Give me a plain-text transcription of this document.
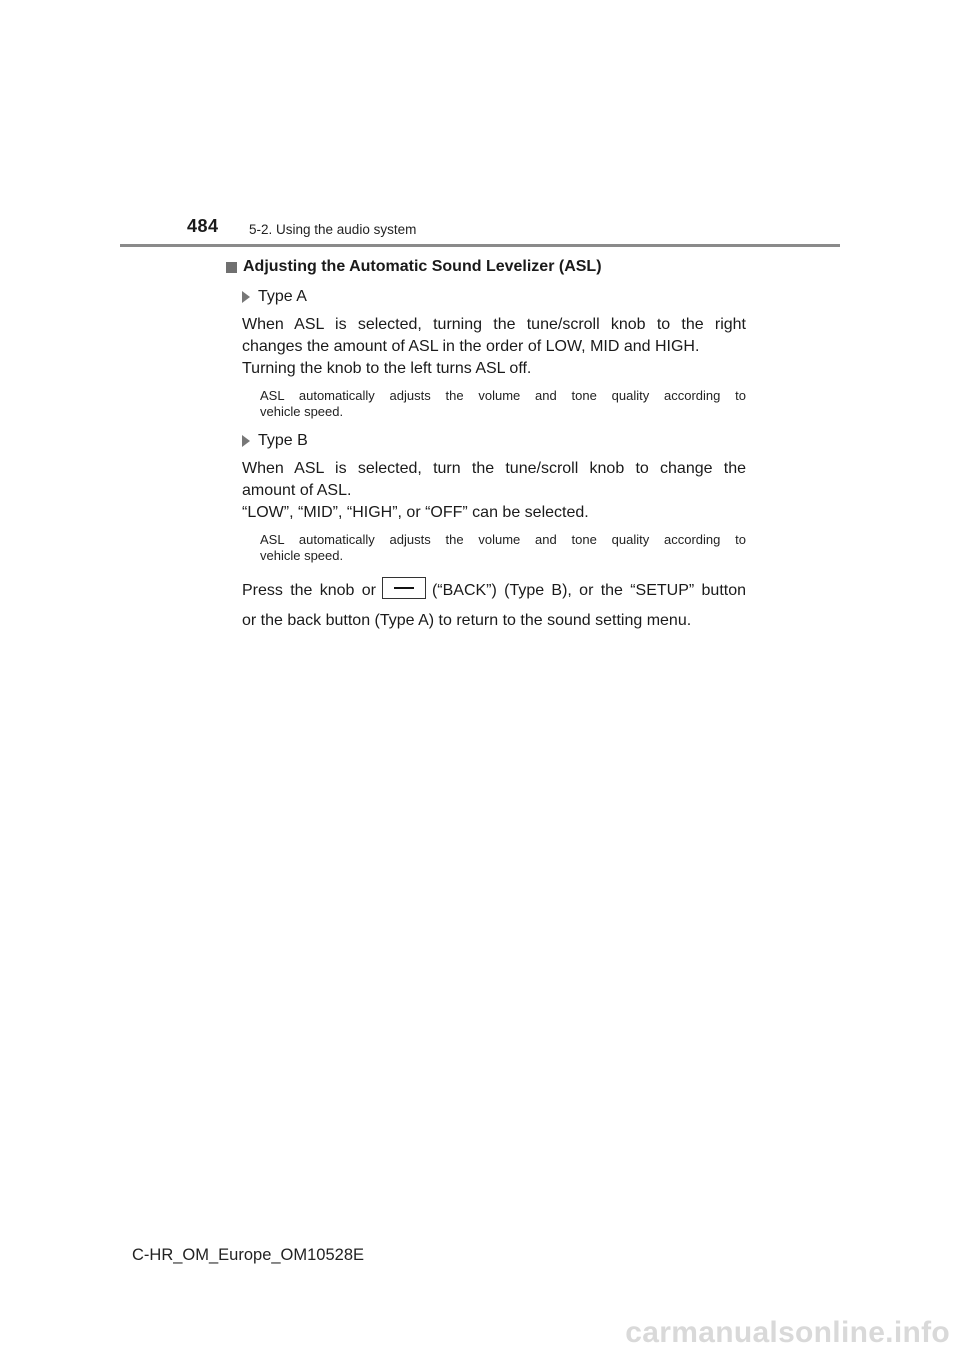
484 5-2. Using the audio system
Adjusting the Automatic Sound Levelizer (ASL)
Type A
When ASL is selected, turning the tune/scroll knob to the right
changes the amount of ASL in the order of LOW, MID and HIGH.
Turning the knob to the left turns ASL off.
ASL automatically adjusts the volume and tone quality according to
vehicle speed.
Type B
When ASL is selected, turn the tune/scroll knob to change the
amount of ASL.
“LOW”, “MID”, “HIGH”, or “OFF” can be selected.
ASL automatically adjusts the volume and tone quality according to
vehicle speed.
Press the knob or	(“BACK”) (Type B), or the “SETUP” button
or the back button (Type A) to return to the sound setting menu.
C-HR_OM_Europe_OM10528E
carmanualsonline.info
